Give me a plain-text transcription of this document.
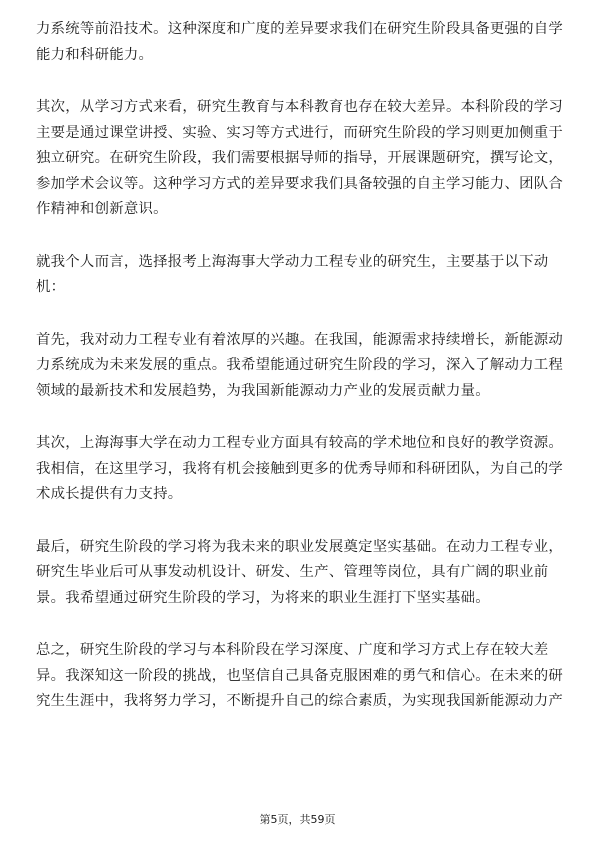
力系统等前沿技术。这种深度和广度的差异要求我们在研究生阶段具备更强的自学
能力和科研能力。
其次，从学习方式来看，研究生教育与本科教育也存在较大差异。本科阶段的学习
主要是通过课堂讲授、实验、实习等方式进行，而研究生阶段的学习则更加侧重于
独立研究。在研究生阶段，我们需要根据导师的指导，开展课题研究，撰写论文，
参加学术会议等。这种学习方式的差异要求我们具备较强的自主学习能力、团队合
作精神和创新意识。
就我个人而言，选择报考上海海事大学动力工程专业的研究生，主要基于以下动
机：
首先，我对动力工程专业有着浓厚的兴趣。在我国，能源需求持续增长，新能源动
力系统成为未来发展的重点。我希望能通过研究生阶段的学习，深入了解动力工程
领域的最新技术和发展趋势，为我国新能源动力产业的发展贡献力量。
其次，上海海事大学在动力工程专业方面具有较高的学术地位和良好的教学资源。
我相信，在这里学习，我将有机会接触到更多的优秀导师和科研团队，为自己的学
术成长提供有力支持。
最后，研究生阶段的学习将为我未来的职业发展奠定坚实基础。在动力工程专业，
研究生毕业后可从事发动机设计、研发、生产、管理等岗位，具有广阔的职业前
景。我希望通过研究生阶段的学习，为将来的职业生涯打下坚实基础。
总之，研究生阶段的学习与本科阶段在学习深度、广度和学习方式上存在较大差
异。我深知这一阶段的挑战，也坚信自己具备克服困难的勇气和信心。在未来的研
究生生涯中，我将努力学习，不断提升自己的综合素质，为实现我国新能源动力产
第5页，共59页
